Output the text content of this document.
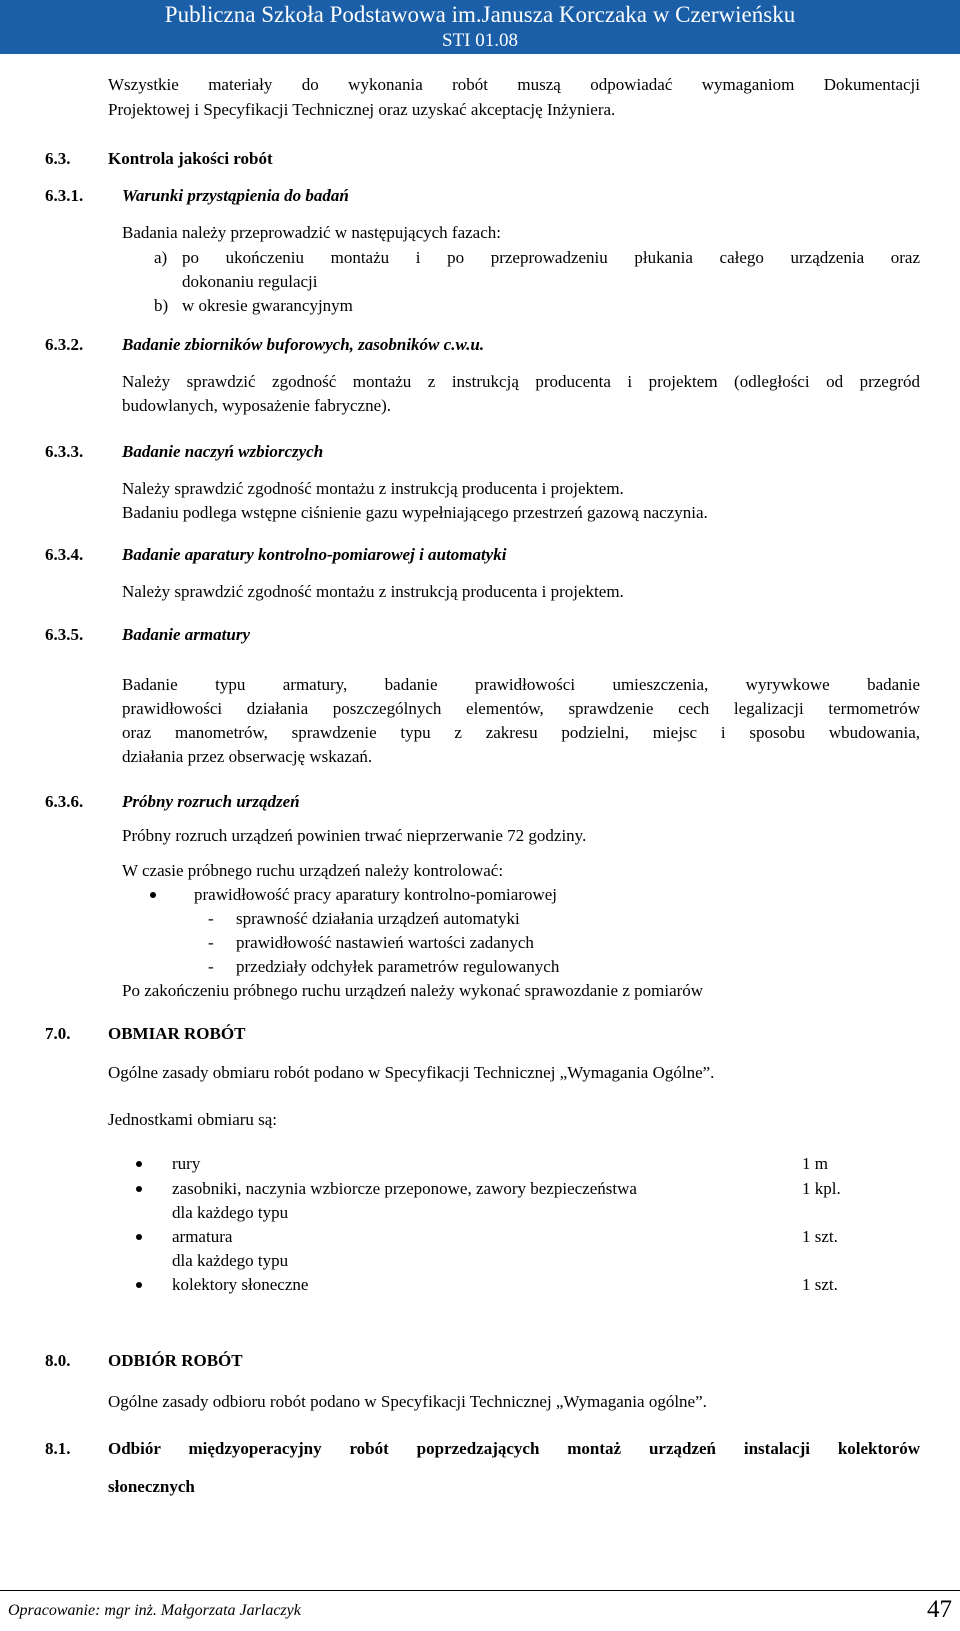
Publiczna Szkoła Podstawowa im.Janusza Korczaka w Czerwieńsku
STI 01.08
Wszystkie materiały do wykonania robót muszą odpowiadać wymaganiom Dokumentacji
Projektowej i Specyfikacji Technicznej oraz uzyskać akceptację Inżyniera.
6.3. Kontrola jakości robót
6.3.1. Warunki przystąpienia do badań
Badania należy przeprowadzić w następujących fazach:
a) po ukończeniu montażu i po przeprowadzeniu płukania całego urządzenia oraz
dokonaniu regulacji
b) w okresie gwarancyjnym
6.3.2. Badanie zbiorników buforowych, zasobników c.w.u.
Należy sprawdzić zgodność montażu z instrukcją producenta i projektem (odległości od przegród
budowlanych, wyposażenie fabryczne).
6.3.3. Badanie naczyń wzbiorczych
Należy sprawdzić zgodność montażu z instrukcją producenta i projektem.
Badaniu podlega wstępne ciśnienie gazu wypełniającego przestrzeń gazową naczynia.
6.3.4. Badanie aparatury kontrolno-pomiarowej i automatyki
Należy sprawdzić zgodność montażu z instrukcją producenta i projektem.
6.3.5. Badanie armatury
Badanie typu armatury, badanie prawidłowości umieszczenia, wyrywkowe badanie
prawidłowości działania poszczególnych elementów, sprawdzenie cech legalizacji termometrów
oraz manometrów, sprawdzenie typu z zakresu podzielni, miejsc i sposobu wbudowania,
działania przez obserwację wskazań.
6.3.6. Próbny rozruch urządzeń
Próbny rozruch urządzeń powinien trwać nieprzerwanie 72 godziny.
W czasie próbnego ruchu urządzeń należy kontrolować:
prawidłowość pracy aparatury kontrolno-pomiarowej
- sprawność działania urządzeń automatyki
- prawidłowość nastawień wartości zadanych
- przedziały odchyłek parametrów regulowanych
Po zakończeniu próbnego ruchu urządzeń należy wykonać sprawozdanie z pomiarów
7.0. OBMIAR ROBÓT
Ogólne zasady obmiaru robót podano w Specyfikacji Technicznej „Wymagania Ogólne”.
Jednostkami obmiaru są:
rury	1 m
zasobniki, naczynia wzbiorcze przeponowe, zawory bezpieczeństwa	1 kpl.
dla każdego typu
armatura	1 szt.
dla każdego typu
kolektory słoneczne	1 szt.
8.0. ODBIÓR ROBÓT
Ogólne zasady odbioru robót podano w Specyfikacji Technicznej „Wymagania ogólne”.
8.1. Odbiór międzyoperacyjny robót poprzedzających montaż urządzeń instalacji kolektorów
słonecznych
Opracowanie: mgr inż. Małgorzata Jarlaczyk	47
